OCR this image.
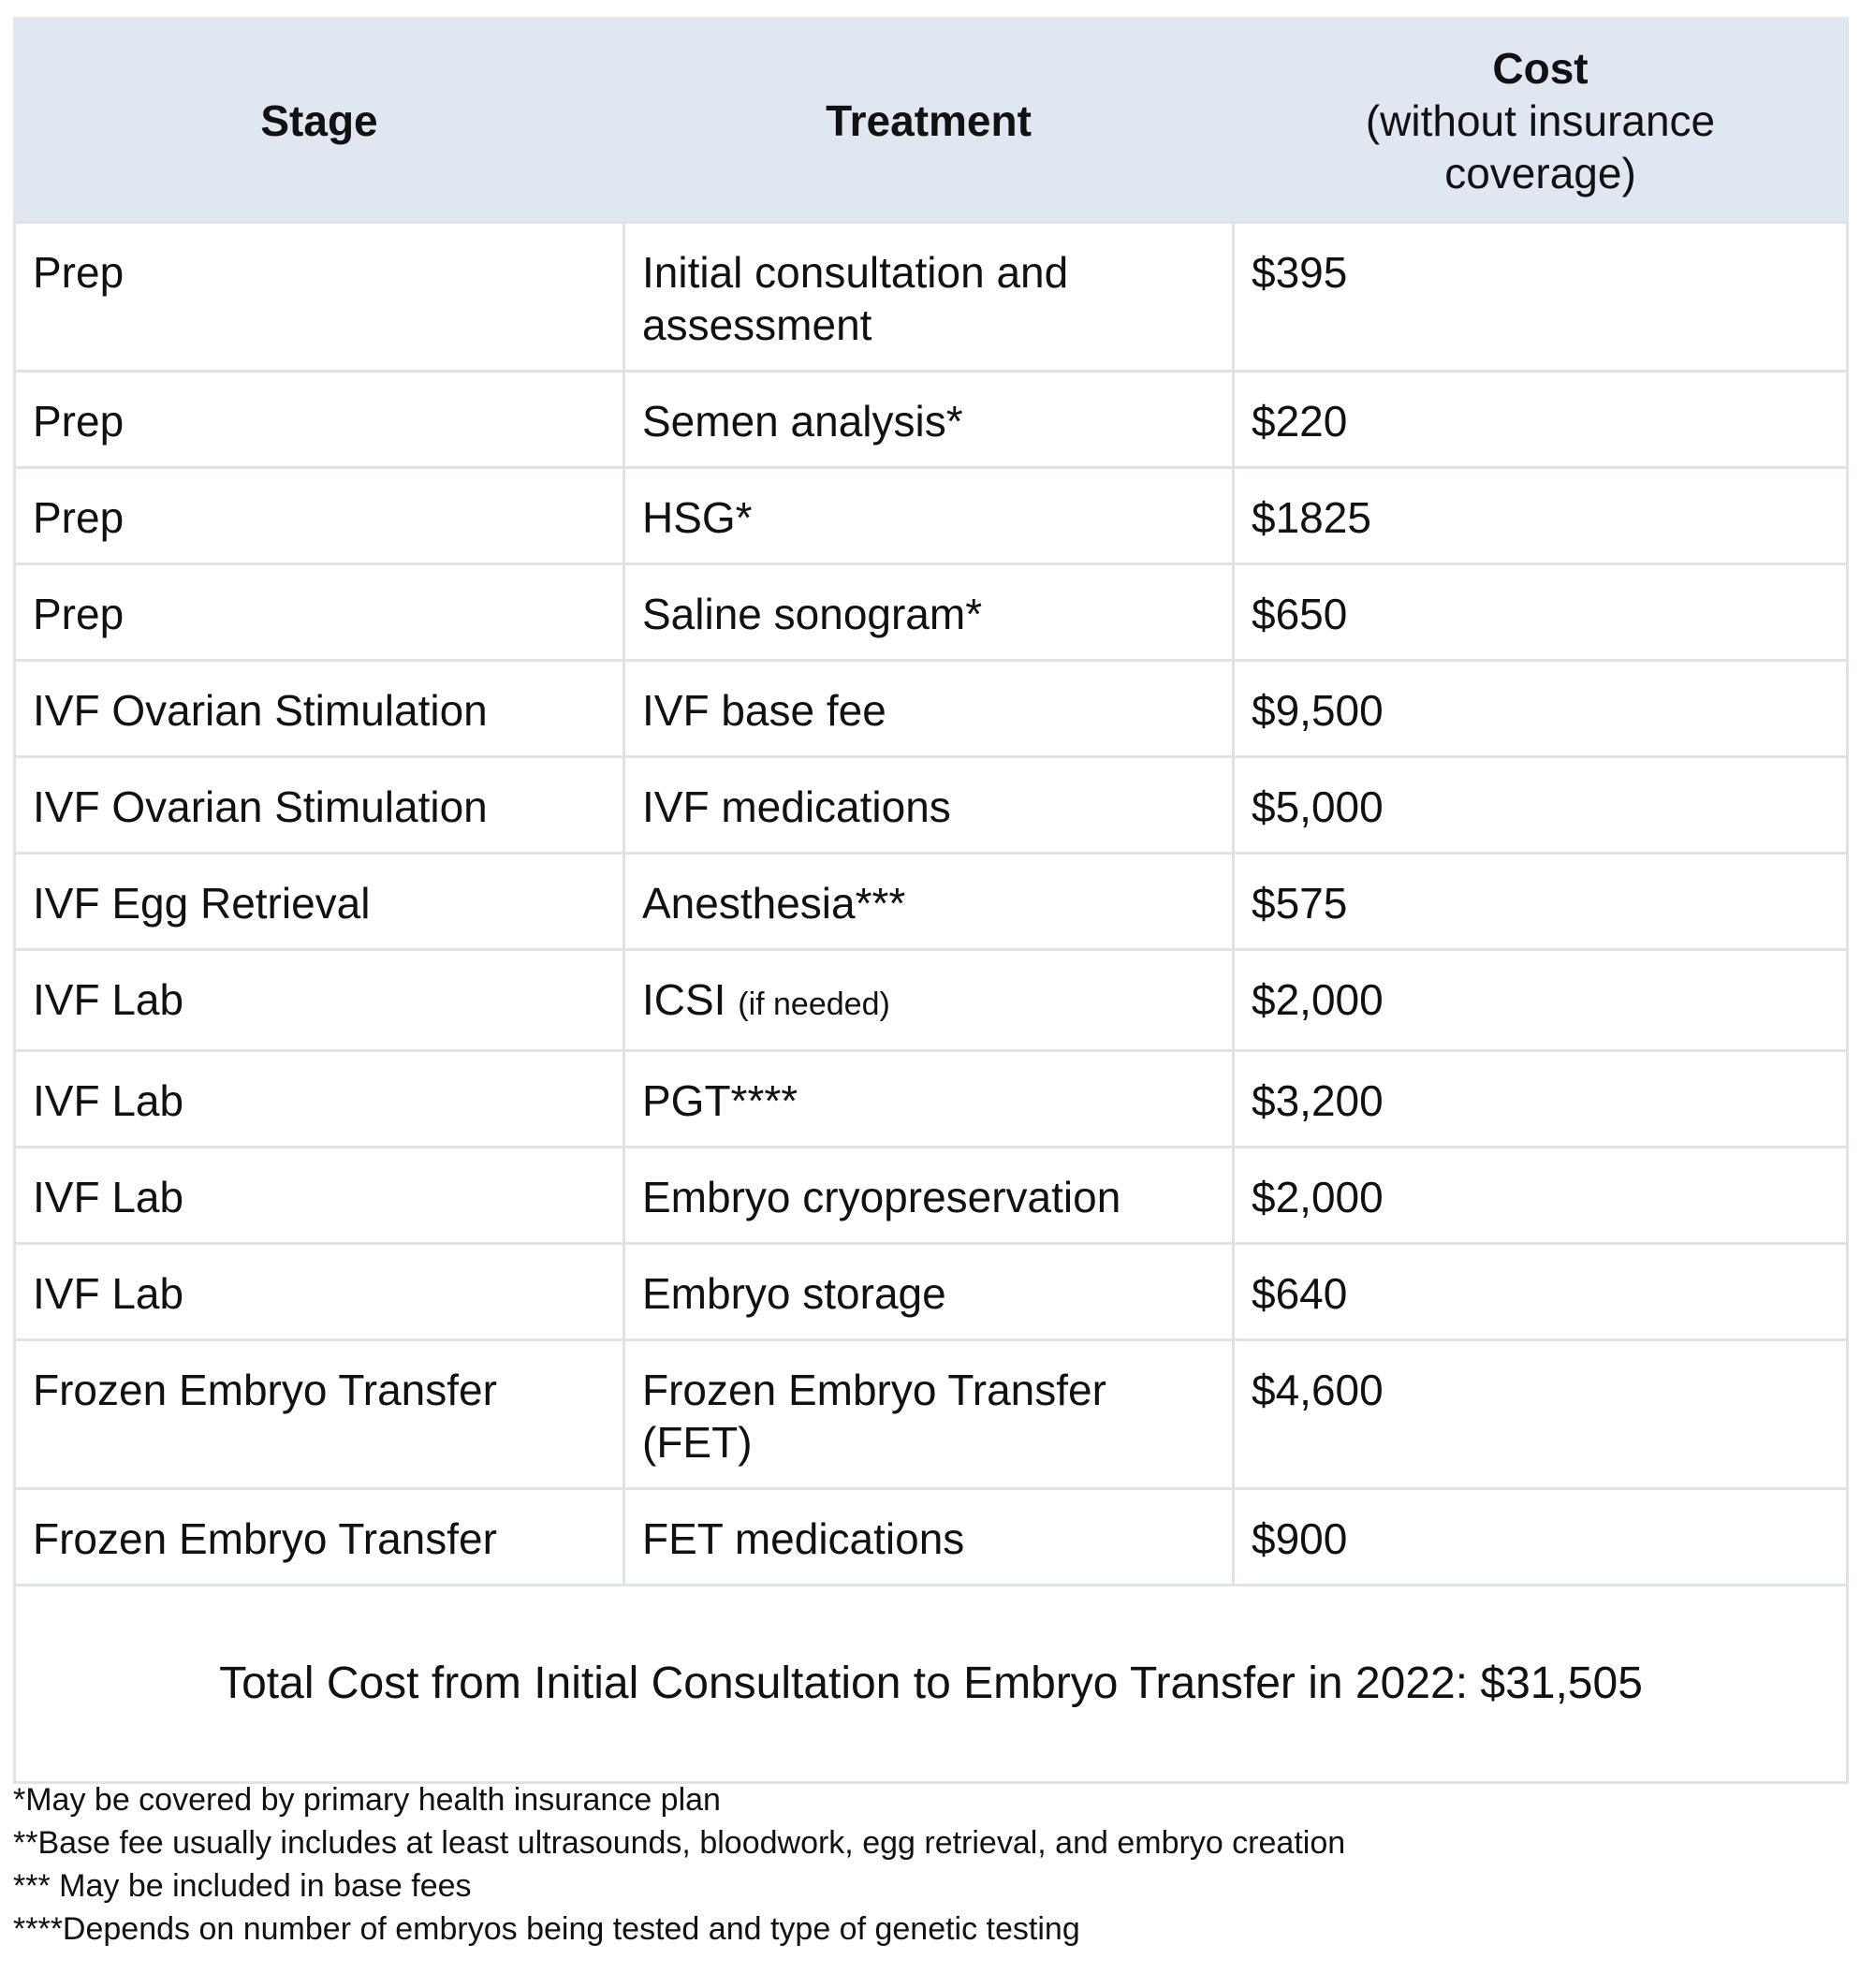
Stage	Treatment	Cost
(without insurance
coverage)

Prep	Initial consultation and assessment	$395
Prep	Semen analysis*	$220
Prep	HSG*	$1825
Prep	Saline sonogram*	$650
IVF Ovarian Stimulation	IVF base fee	$9,500
IVF Ovarian Stimulation	IVF medications	$5,000
IVF Egg Retrieval	Anesthesia***	$575
IVF Lab	ICSI (if needed)	$2,000
IVF Lab	PGT****	$3,200
IVF Lab	Embryo cryopreservation	$2,000
IVF Lab	Embryo storage	$640
Frozen Embryo Transfer	Frozen Embryo Transfer (FET)	$4,600
Frozen Embryo Transfer	FET medications	$900
Total Cost from Initial Consultation to Embryo Transfer in 2022: $31,505		
*May be covered by primary health insurance plan
**Base fee usually includes at least ultrasounds, bloodwork, egg retrieval, and embryo creation
*** May be included in base fees
****Depends on number of embryos being tested and type of genetic testing
